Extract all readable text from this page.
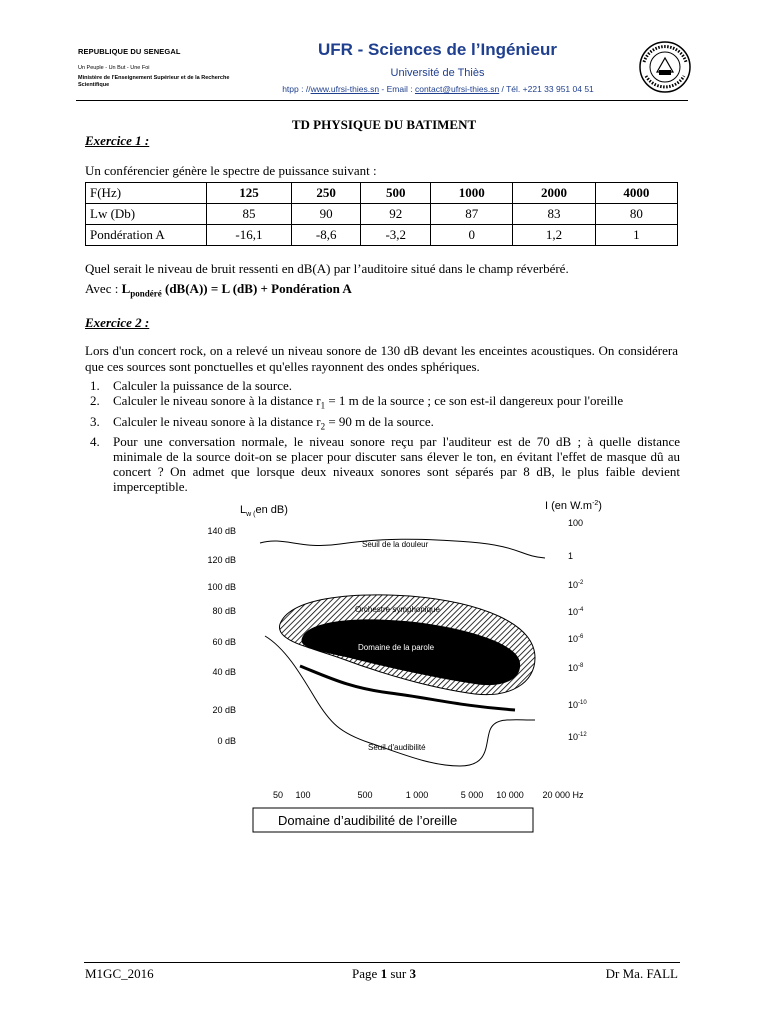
REPUBLIQUE DU SENEGAL
Un Peuple - Un But - Une Foi
Ministère de l'Enseignement Supérieur et de la Recherche Scientifique
UFR - Sciences de l’Ingénieur
Université de Thiès
htpp : //www.ufrsi-thies.sn - Email : contact@ufrsi-thies.sn / Tél. +221 33 951 04 51
TD PHYSIQUE DU BATIMENT
Exercice 1 :
Un conférencier génère le spectre de puissance suivant :
F(Hz)	125	250	500	1000	2000	4000
Lw (Db)	85	90	92	87	83	80
Pondération A	-16,1	-8,6	-3,2	0	1,2	1
Quel serait le niveau de bruit ressenti en dB(A) par l’auditoire situé dans le champ réverbéré.
Avec : $L_{pondéré}$ (dB(A)) = L (dB) + Pondération A
Exercice 2 :
Lors d'un concert rock, on a relevé un niveau sonore de 130 dB devant les enceintes acoustiques. On considérera que ces sources sont ponctuelles et qu'elles rayonnent des ondes sphériques.
1. Calculer la puissance de la source.
2. Calculer le niveau sonore à la distance $r_1 = 1$ m de la source ; ce son est-il dangereux pour l'oreille
3. Calculer le niveau sonore à la distance $r_2 = 90$ m de la source.
4. Pour une conversation normale, le niveau sonore reçu par l'auditeur est de 70 dB ; à quelle distance minimale de la source doit-on se placer pour discuter sans élever le ton, en évitant l'effet de masque dû au concert ? On admet que lorsque deux niveaux sonores sont séparés par 8 dB, le plus faible devient imperceptible.
$L_{w (}en$ dB)	I (en $W.m^{-2}$)
140 dB
120 dB
100 dB
80 dB
60 dB
40 dB
20 dB
0 dB
100
1
$10^{-2}$
$10^{-4}$
$10^{-6}$
$10^{-8}$
$10^{-10}$
$10^{-12}$
Seuil de la douleur
Orchestre symphonique
Domaine de la parole
Seuil d'audibilité
50 100	500	1 000	5 000 10 000 20 000 Hz
Domaine d’audibilité de l’oreille
M1GC_2016	Page 1 sur 3	Dr Ma. FALL
